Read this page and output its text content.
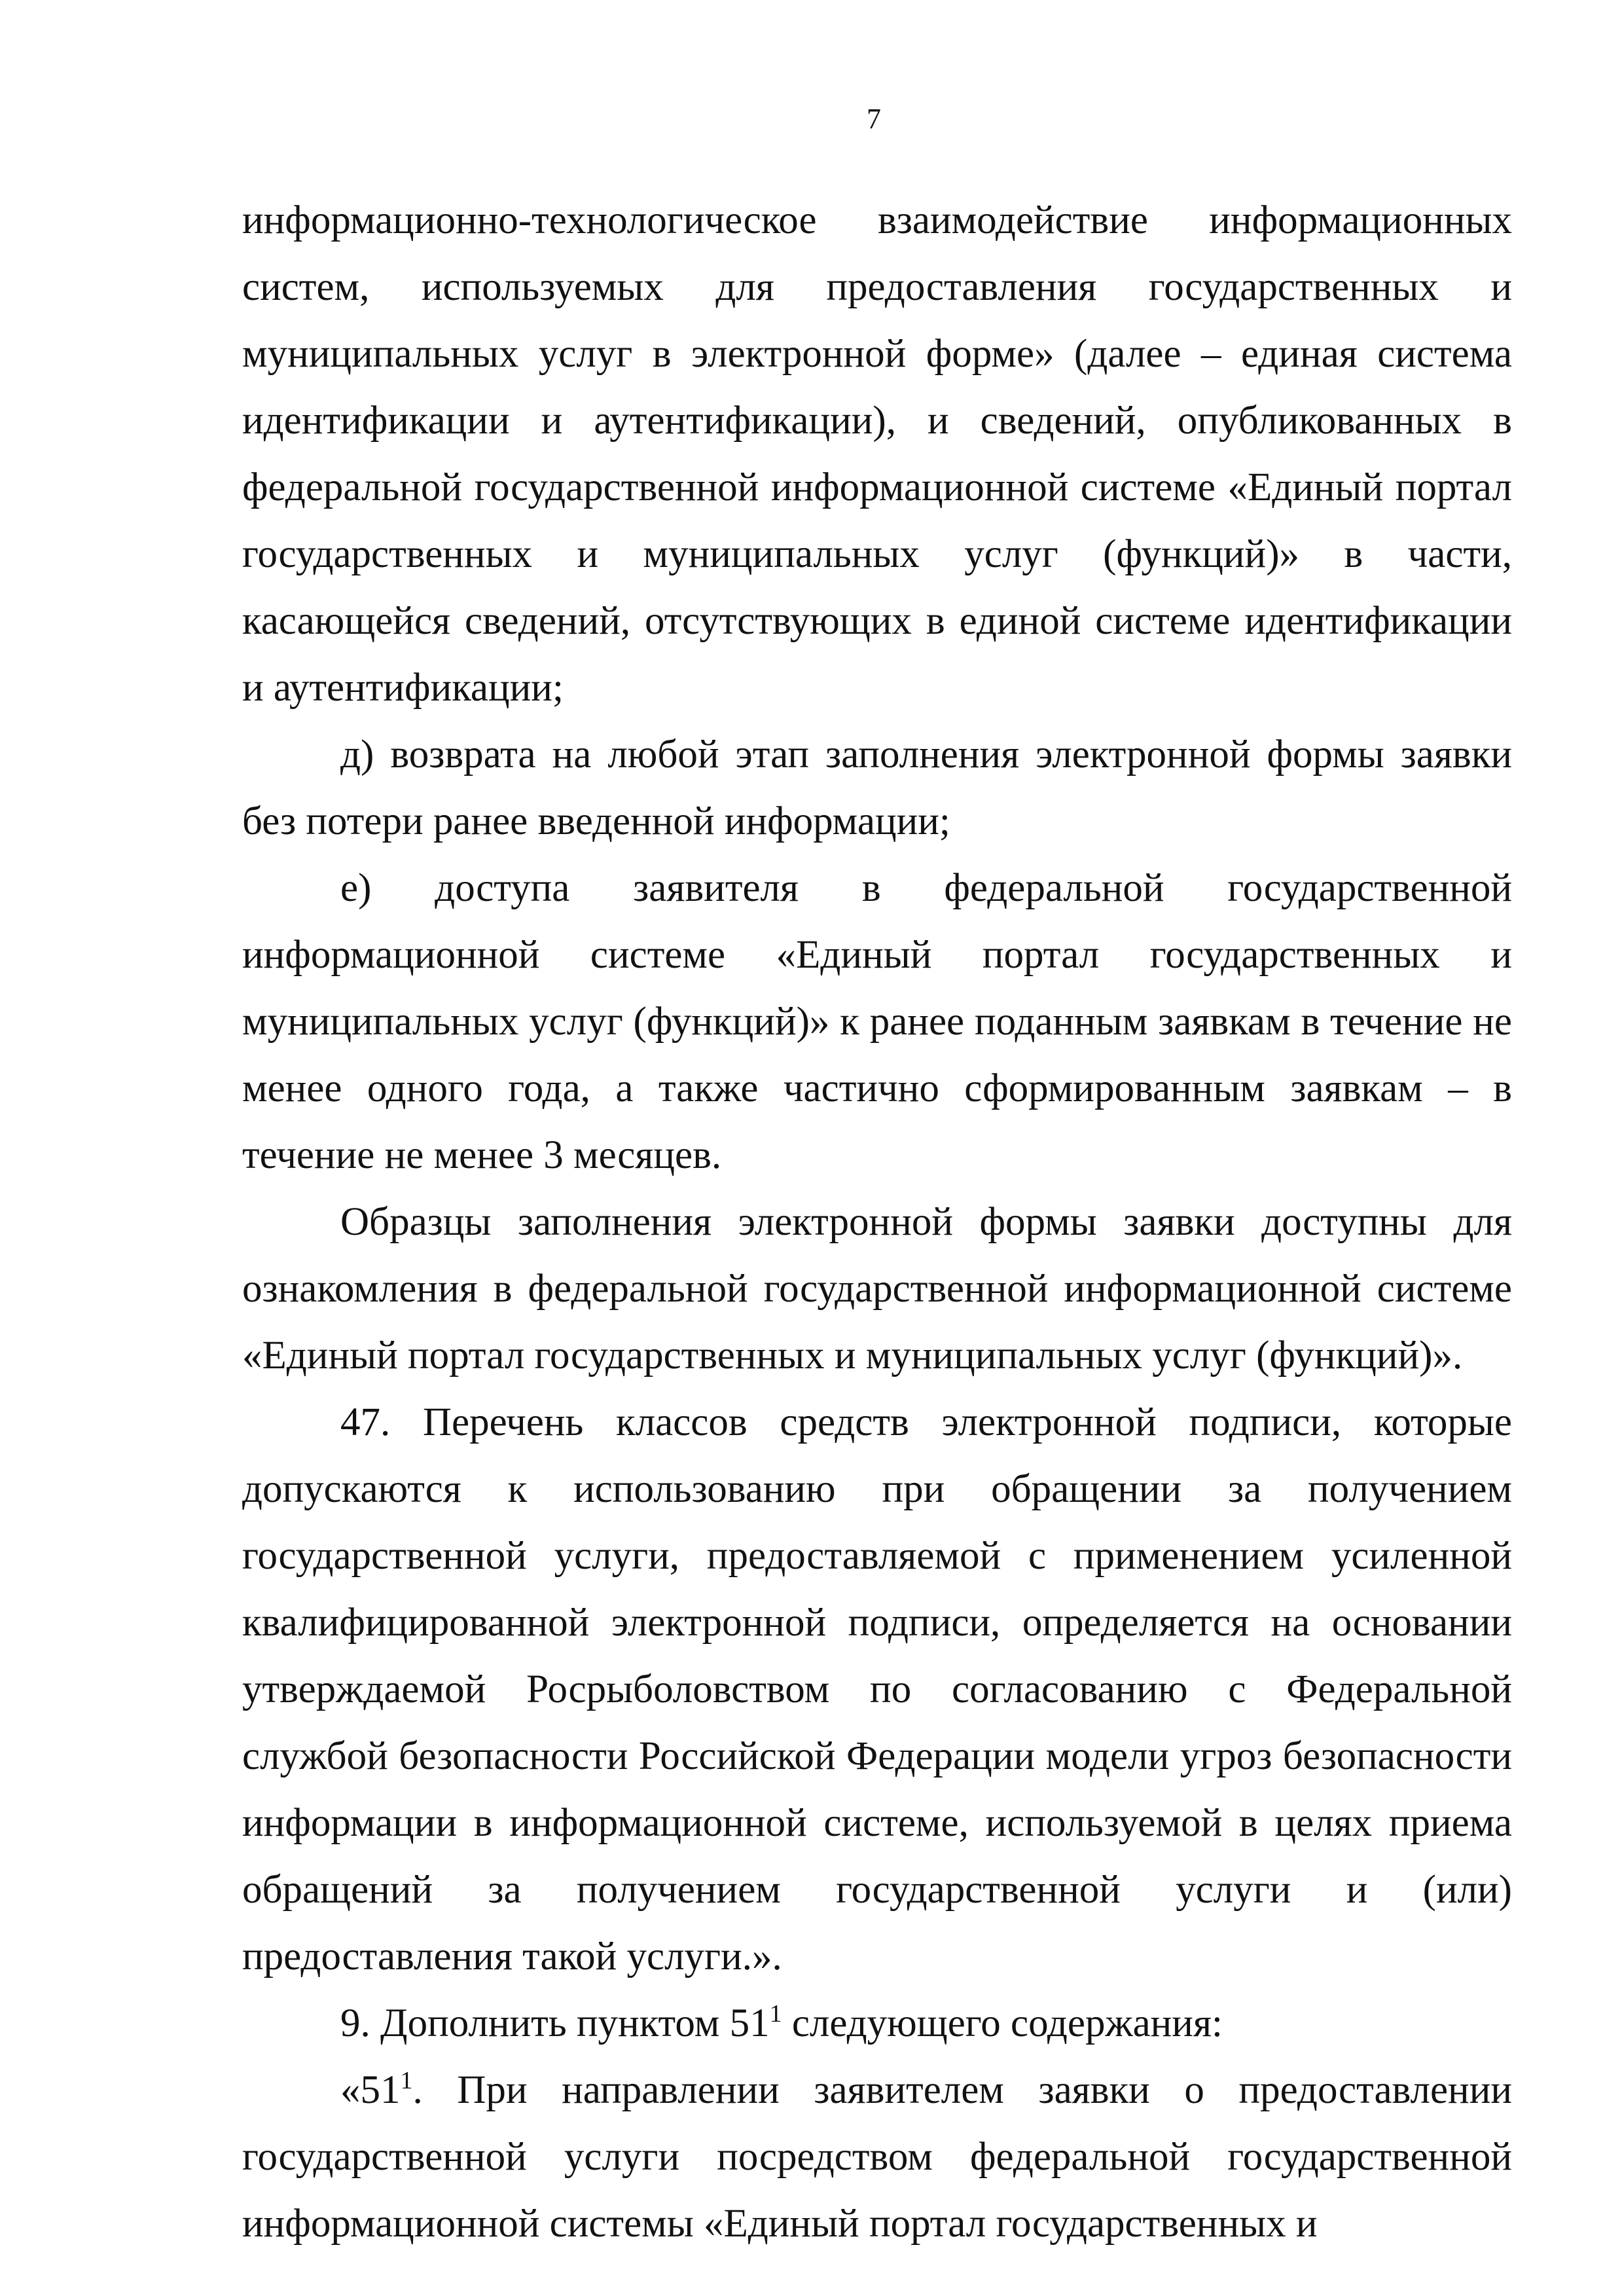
7

информационно-технологическое взаимодействие информационных систем, используемых для предоставления государственных и муниципальных услуг в электронной форме» (далее – единая система идентификации и аутентификации), и сведений, опубликованных в федеральной государственной информационной системе «Единый портал государственных и муниципальных услуг (функций)» в части, касающейся сведений, отсутствующих в единой системе идентификации и аутентификации;

д) возврата на любой этап заполнения электронной формы заявки без потери ранее введенной информации;

е) доступа заявителя в федеральной государственной информационной системе «Единый портал государственных и муниципальных услуг (функций)» к ранее поданным заявкам в течение не менее одного года, а также частично сформированным заявкам – в течение не менее 3 месяцев.

Образцы заполнения электронной формы заявки доступны для ознакомления в федеральной государственной информационной системе «Единый портал государственных и муниципальных услуг (функций)».

47. Перечень классов средств электронной подписи, которые допускаются к использованию при обращении за получением государственной услуги, предоставляемой с применением усиленной квалифицированной электронной подписи, определяется на основании утверждаемой Росрыболовством по согласованию с Федеральной службой безопасности Российской Федерации модели угроз безопасности информации в информационной системе, используемой в целях приема обращений за получением государственной услуги и (или) предоставления такой услуги.».

9. Дополнить пунктом $51^1$ следующего содержания:

«$51^1$. При направлении заявителем заявки о предоставлении государственной услуги посредством федеральной государственной информационной системы «Единый портал государственных и
